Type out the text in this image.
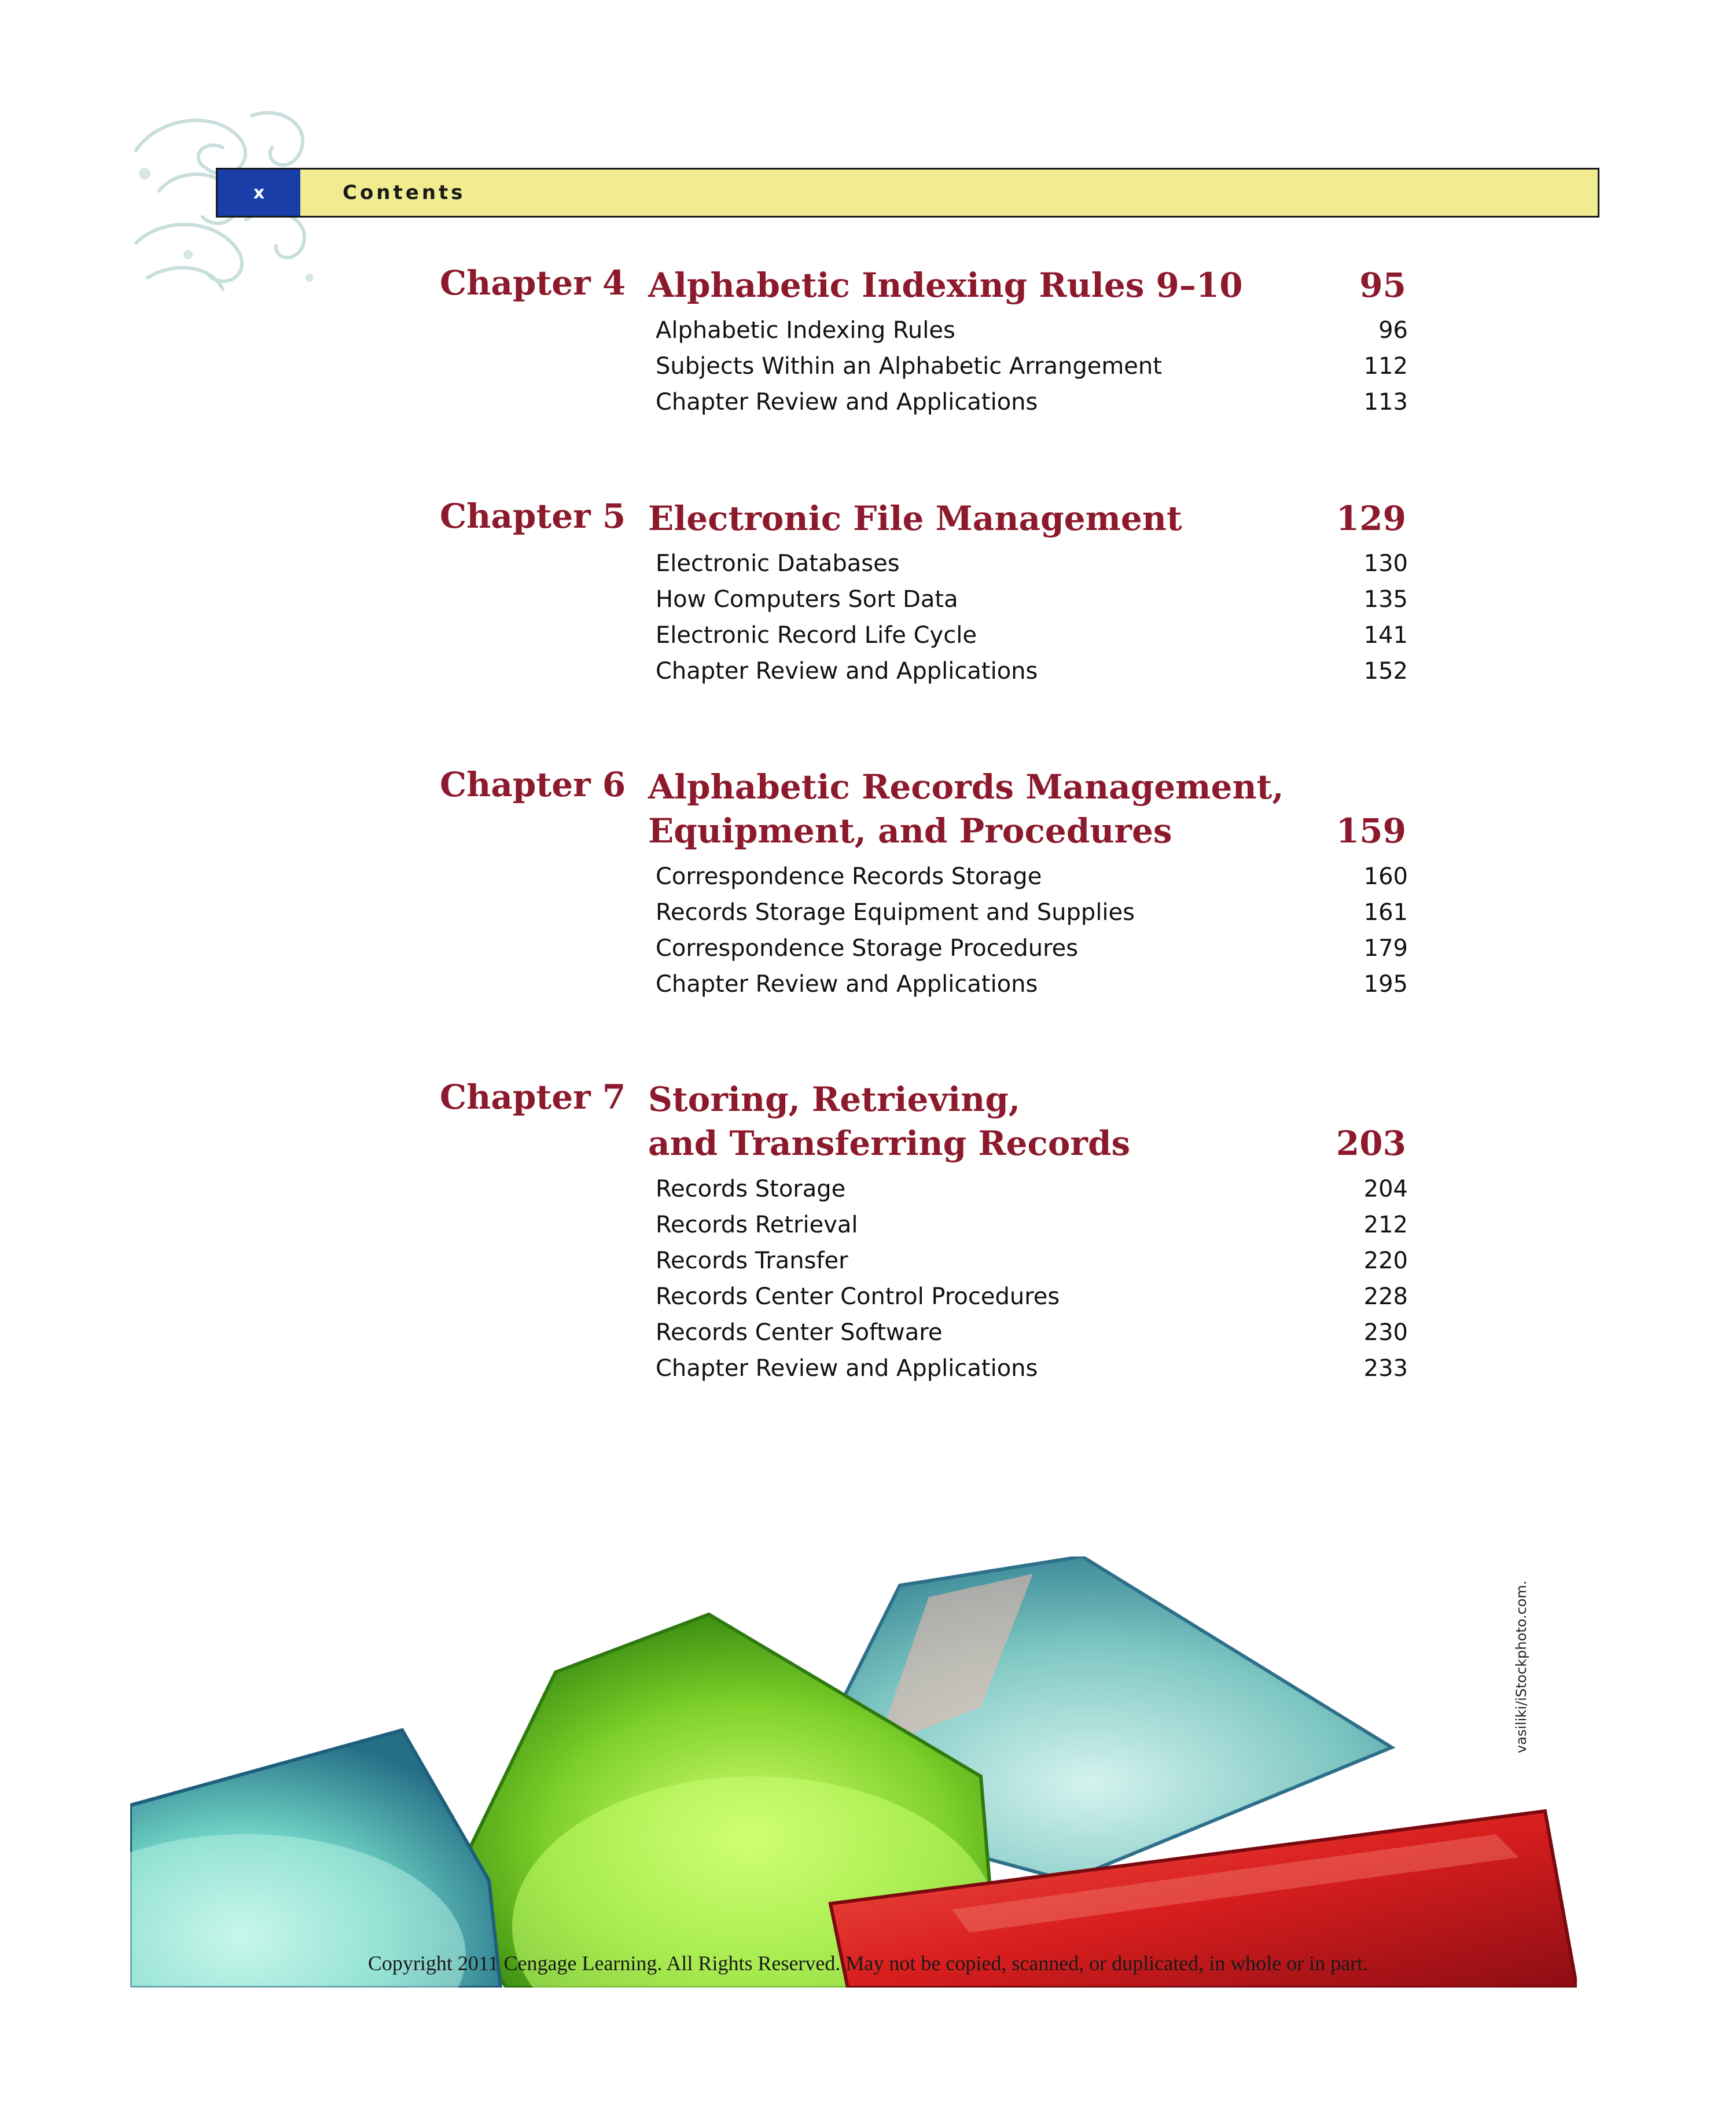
x	Contents
Chapter 4 Alphabetic Indexing Rules 9–10	95
Alphabetic Indexing Rules	96
Subjects Within an Alphabetic Arrangement	112
Chapter Review and Applications	113
Chapter 5 Electronic File Management	129
Electronic Databases	130
How Computers Sort Data	135
Electronic Record Life Cycle	141
Chapter Review and Applications	152
Chapter 6 Alphabetic Records Management,
Equipment, and Procedures	159
Correspondence Records Storage	160
Records Storage Equipment and Supplies	161
Correspondence Storage Procedures	179
Chapter Review and Applications	195
Chapter 7 Storing, Retrieving,
and Transferring Records	203
Records Storage	204
Records Retrieval	212
Records Transfer	220
Records Center Control Procedures	228
Records Center Software	230
Chapter Review and Applications	233
vasiliki/iStockphoto.com.
Copyright 2011 Cengage Learning. All Rights Reserved. May not be copied, scanned, or duplicated, in whole or in part.
